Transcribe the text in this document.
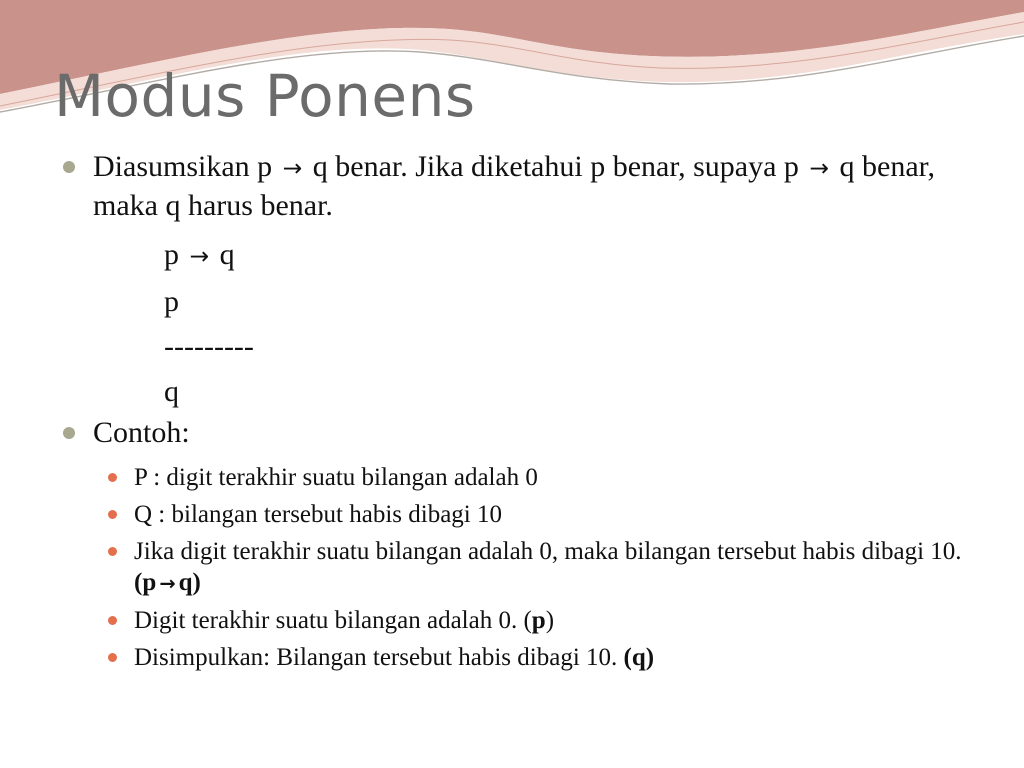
Modus Ponens
Diasumsikan p → q benar. Jika diketahui p benar, supaya p → q benar, maka q harus benar.
p → q
p
---------
q
Contoh:
P : digit terakhir suatu bilangan adalah 0
Q : bilangan tersebut habis dibagi 10
Jika digit terakhir suatu bilangan adalah 0, maka bilangan tersebut habis dibagi 10. (p → q)
Digit terakhir suatu bilangan adalah 0. (p)
Disimpulkan: Bilangan tersebut habis dibagi 10. (q)
